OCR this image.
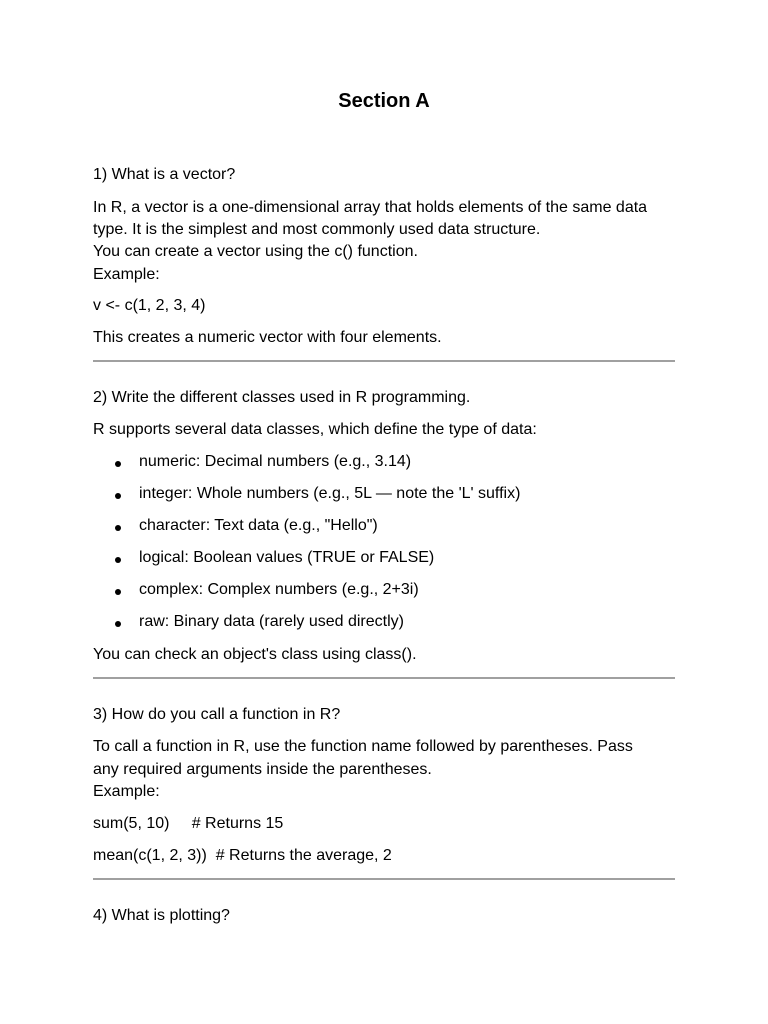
Section A
1) What is a vector?
In R, a vector is a one-dimensional array that holds elements of the same data
type. It is the simplest and most commonly used data structure.
You can create a vector using the c() function.
Example:
v <- c(1, 2, 3, 4)
This creates a numeric vector with four elements.
2) Write the different classes used in R programming.
R supports several data classes, which define the type of data:
numeric: Decimal numbers (e.g., 3.14)
integer: Whole numbers (e.g., 5L — note the 'L' suffix)
character: Text data (e.g., "Hello")
logical: Boolean values (TRUE or FALSE)
complex: Complex numbers (e.g., 2+3i)
raw: Binary data (rarely used directly)
You can check an object's class using class().
3) How do you call a function in R?
To call a function in R, use the function name followed by parentheses. Pass
any required arguments inside the parentheses.
Example:
sum(5, 10)     # Returns 15
mean(c(1, 2, 3))  # Returns the average, 2
4) What is plotting?
